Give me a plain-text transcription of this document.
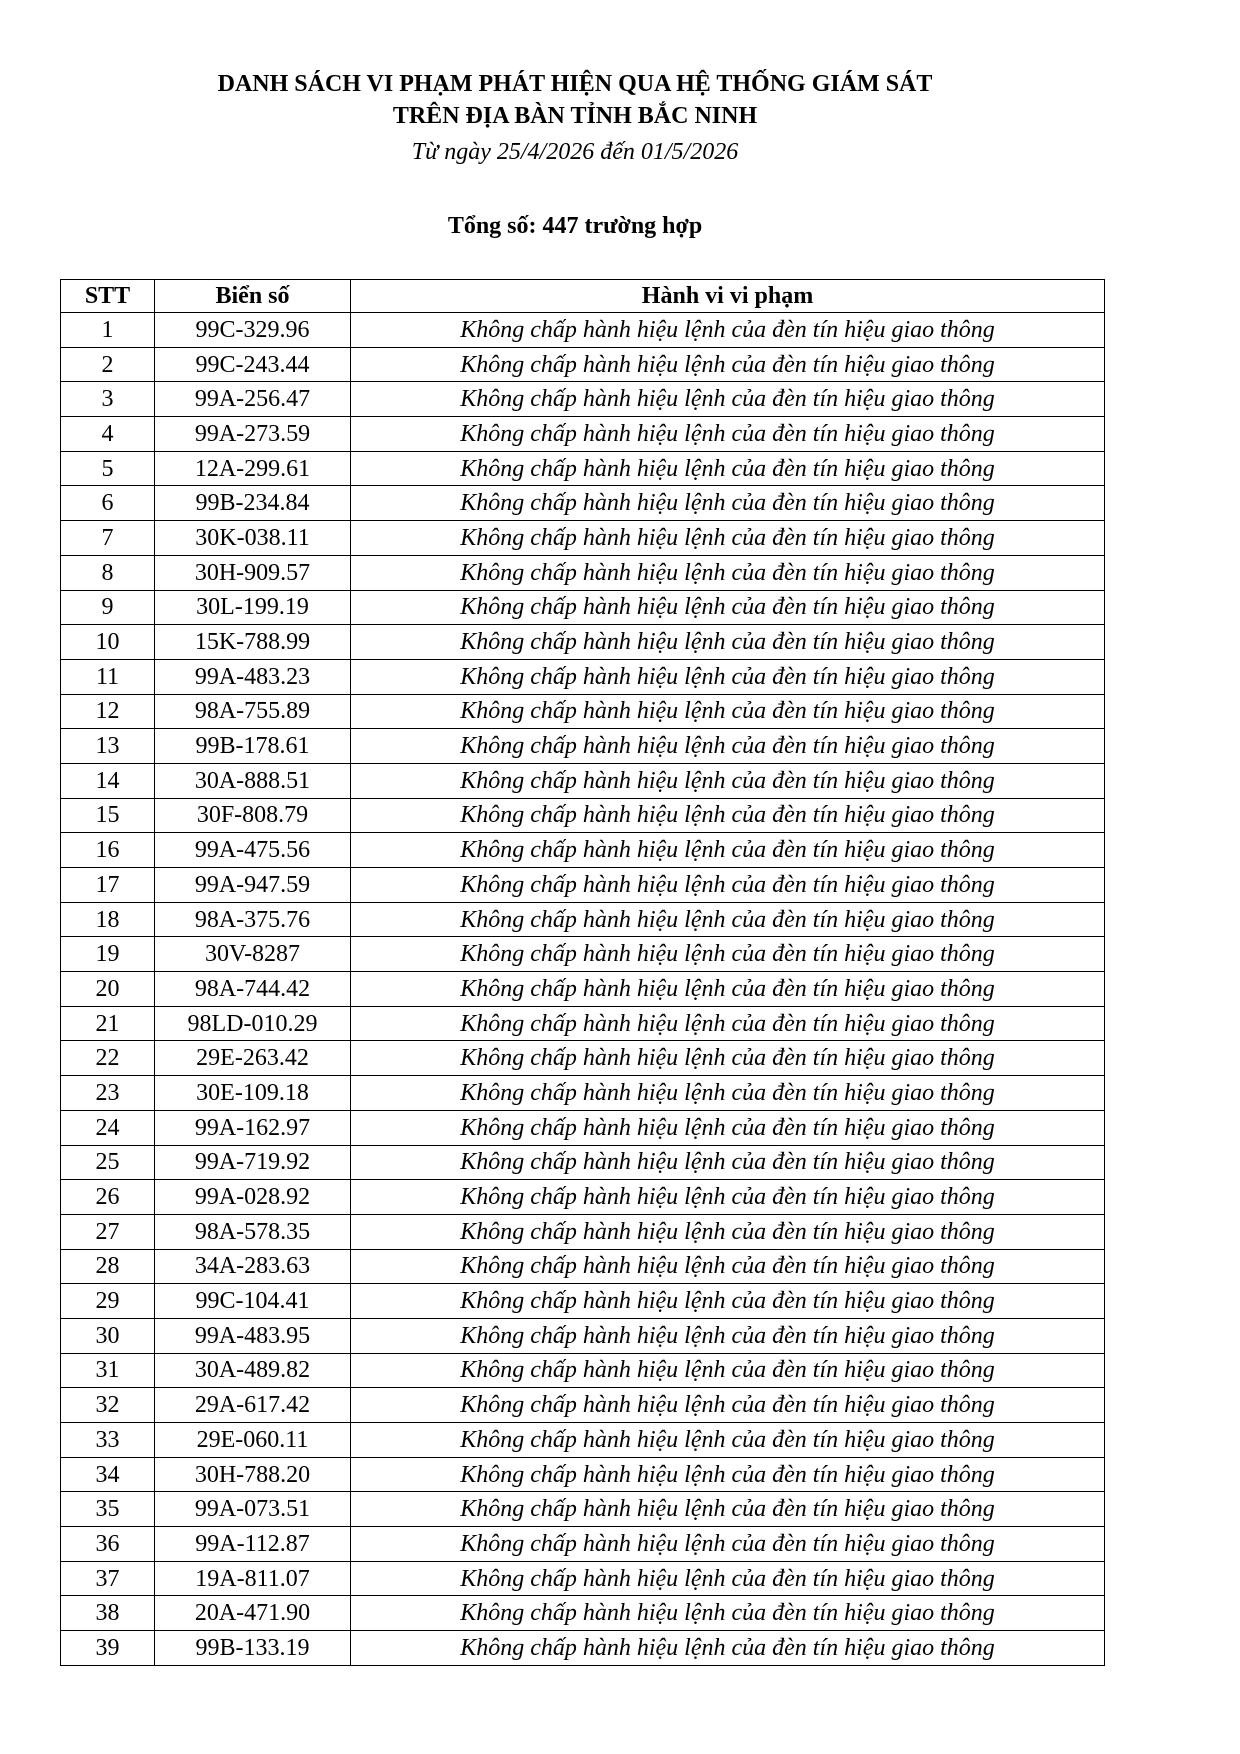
DANH SÁCH VI PHẠM PHÁT HIỆN QUA HỆ THỐNG GIÁM SÁT
TRÊN ĐỊA BÀN TỈNH BẮC NINH
Từ ngày 25/4/2026 đến 01/5/2026
Tổng số: 447 trường hợp
STT	Biển số	Hành vi vi phạm
1	99C-329.96	Không chấp hành hiệu lệnh của đèn tín hiệu giao thông
2	99C-243.44	Không chấp hành hiệu lệnh của đèn tín hiệu giao thông
3	99A-256.47	Không chấp hành hiệu lệnh của đèn tín hiệu giao thông
4	99A-273.59	Không chấp hành hiệu lệnh của đèn tín hiệu giao thông
5	12A-299.61	Không chấp hành hiệu lệnh của đèn tín hiệu giao thông
6	99B-234.84	Không chấp hành hiệu lệnh của đèn tín hiệu giao thông
7	30K-038.11	Không chấp hành hiệu lệnh của đèn tín hiệu giao thông
8	30H-909.57	Không chấp hành hiệu lệnh của đèn tín hiệu giao thông
9	30L-199.19	Không chấp hành hiệu lệnh của đèn tín hiệu giao thông
10	15K-788.99	Không chấp hành hiệu lệnh của đèn tín hiệu giao thông
11	99A-483.23	Không chấp hành hiệu lệnh của đèn tín hiệu giao thông
12	98A-755.89	Không chấp hành hiệu lệnh của đèn tín hiệu giao thông
13	99B-178.61	Không chấp hành hiệu lệnh của đèn tín hiệu giao thông
14	30A-888.51	Không chấp hành hiệu lệnh của đèn tín hiệu giao thông
15	30F-808.79	Không chấp hành hiệu lệnh của đèn tín hiệu giao thông
16	99A-475.56	Không chấp hành hiệu lệnh của đèn tín hiệu giao thông
17	99A-947.59	Không chấp hành hiệu lệnh của đèn tín hiệu giao thông
18	98A-375.76	Không chấp hành hiệu lệnh của đèn tín hiệu giao thông
19	30V-8287	Không chấp hành hiệu lệnh của đèn tín hiệu giao thông
20	98A-744.42	Không chấp hành hiệu lệnh của đèn tín hiệu giao thông
21	98LD-010.29	Không chấp hành hiệu lệnh của đèn tín hiệu giao thông
22	29E-263.42	Không chấp hành hiệu lệnh của đèn tín hiệu giao thông
23	30E-109.18	Không chấp hành hiệu lệnh của đèn tín hiệu giao thông
24	99A-162.97	Không chấp hành hiệu lệnh của đèn tín hiệu giao thông
25	99A-719.92	Không chấp hành hiệu lệnh của đèn tín hiệu giao thông
26	99A-028.92	Không chấp hành hiệu lệnh của đèn tín hiệu giao thông
27	98A-578.35	Không chấp hành hiệu lệnh của đèn tín hiệu giao thông
28	34A-283.63	Không chấp hành hiệu lệnh của đèn tín hiệu giao thông
29	99C-104.41	Không chấp hành hiệu lệnh của đèn tín hiệu giao thông
30	99A-483.95	Không chấp hành hiệu lệnh của đèn tín hiệu giao thông
31	30A-489.82	Không chấp hành hiệu lệnh của đèn tín hiệu giao thông
32	29A-617.42	Không chấp hành hiệu lệnh của đèn tín hiệu giao thông
33	29E-060.11	Không chấp hành hiệu lệnh của đèn tín hiệu giao thông
34	30H-788.20	Không chấp hành hiệu lệnh của đèn tín hiệu giao thông
35	99A-073.51	Không chấp hành hiệu lệnh của đèn tín hiệu giao thông
36	99A-112.87	Không chấp hành hiệu lệnh của đèn tín hiệu giao thông
37	19A-811.07	Không chấp hành hiệu lệnh của đèn tín hiệu giao thông
38	20A-471.90	Không chấp hành hiệu lệnh của đèn tín hiệu giao thông
39	99B-133.19	Không chấp hành hiệu lệnh của đèn tín hiệu giao thông
